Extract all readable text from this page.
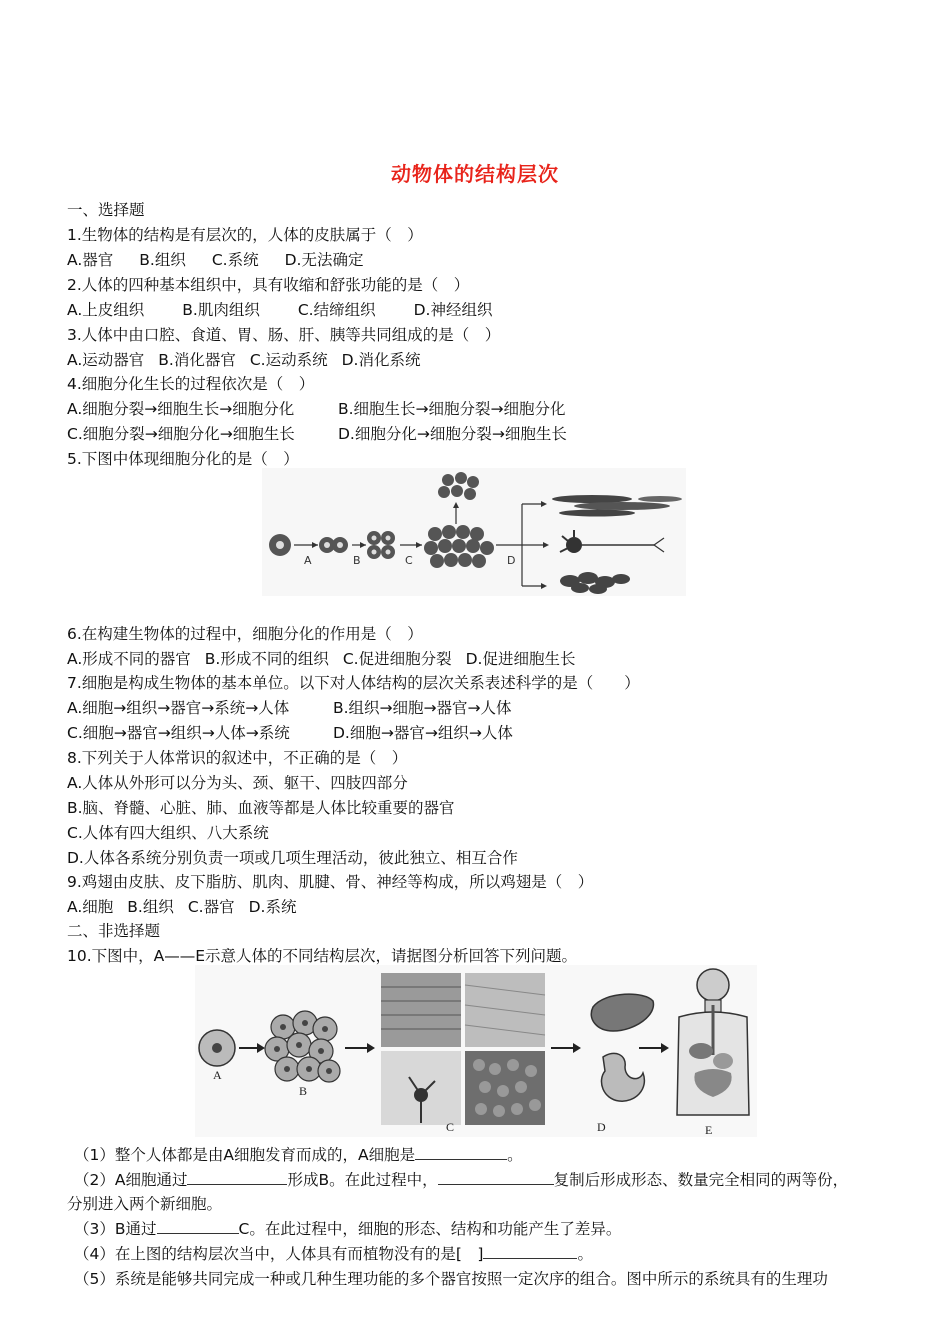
动物体的结构层次
一、选择题
1.生物体的结构是有层次的，人体的皮肤属于（　）
A.器官 B.组织 C.系统 D.无法确定
2.人体的四种基本组织中，具有收缩和舒张功能的是（　）
A.上皮组织 B.肌肉组织 C.结缔组织 D.神经组织
3.人体中由口腔、食道、胃、肠、肝、胰等共同组成的是（　）
A.运动器官 B.消化器官 C.运动系统 D.消化系统
4.细胞分化生长的过程依次是（　）
A.细胞分裂→细胞生长→细胞分化	B.细胞生长→细胞分裂→细胞分化
C.细胞分裂→细胞分化→细胞生长	D.细胞分化→细胞分裂→细胞生长
5.下图中体现细胞分化的是（　）
A	B	C	D
6.在构建生物体的过程中，细胞分化的作用是（　）
A.形成不同的器官 B.形成不同的组织 C.促进细胞分裂 D.促进细胞生长
7.细胞是构成生物体的基本单位。以下对人体结构的层次关系表述科学的是（　　）
A.细胞→组织→器官→系统→人体	B.组织→细胞→器官→人体
C.细胞→器官→组织→人体→系统	D.细胞→器官→组织→人体
8.下列关于人体常识的叙述中，不正确的是（　）
A.人体从外形可以分为头、颈、躯干、四肢四部分
B.脑、脊髓、心脏、肺、血液等都是人体比较重要的器官
C.人体有四大组织、八大系统
D.人体各系统分别负责一项或几项生理活动，彼此独立、相互合作
9.鸡翅由皮肤、皮下脂肪、肌肉、肌腱、骨、神经等构成，所以鸡翅是（　）
A.细胞 B.组织 C.器官 D.系统
二、非选择题
10.下图中，A——E示意人体的不同结构层次，请据图分析回答下列问题。
A
B
C	D	E
（1）整个人体都是由A细胞发育而成的，A细胞是	。
（2）A细胞通过	形成B。在此过程中，	复制后形成形态、数量完全相同的两等份，
分别进入两个新细胞。
（3）B通过	C。在此过程中，细胞的形态、结构和功能产生了差异。
（4）在上图的结构层次当中，人体具有而植物没有的是[　]	。
（5）系统是能够共同完成一种或几种生理功能的多个器官按照一定次序的组合。图中所示的系统具有的生理功
